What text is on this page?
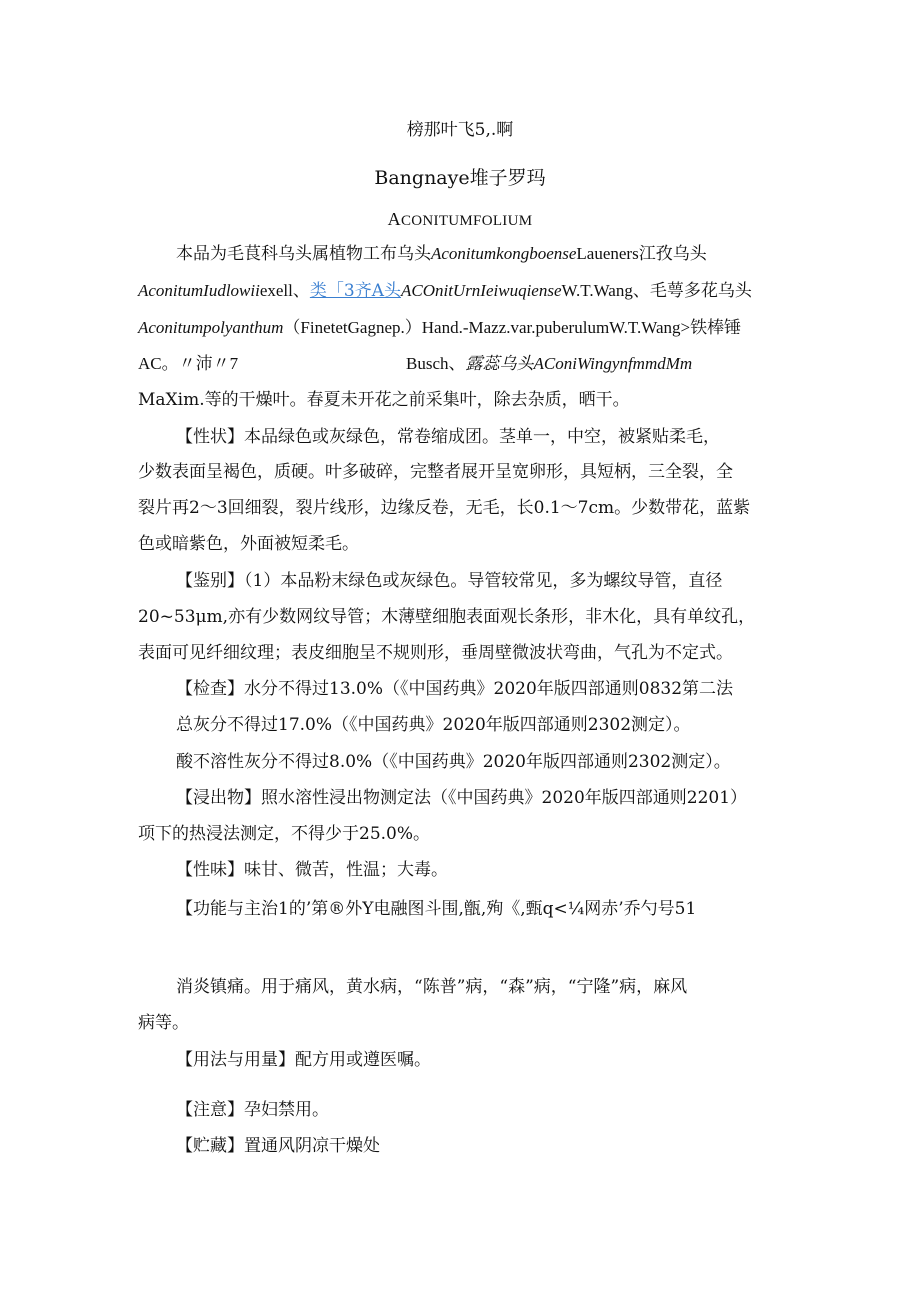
榜那叶飞5,.啊
Bangnaye堆子罗玛
ACONITUMFOLIUM
本品为毛茛科乌头属植物工布乌头AconitumkongboenseLaueners江孜乌头
AconitumIudlowiiexell、类「3齐A头ACOnitUrnIeiwuqienseW.T.Wang、毛萼多花乌头
Aconitumpolyanthum（FinetetGagnep.）Hand.-Mazz.var.puberulumW.T.Wang>铁棒锤
AC。〃沛〃7	Busch、露蕊乌头AConiWingynfmmdMm
MaXim.等的干燥叶。春夏未开花之前采集叶，除去杂质，晒干。
【性状】本品绿色或灰绿色，常卷缩成团。茎单一，中空，被紧贴柔毛，
少数表面呈褐色，质硬。叶多破碎，完整者展开呈宽卵形，具短柄，三全裂，全
裂片再2～3回细裂，裂片线形，边缘反卷，无毛，长0.1～7cm。少数带花，蓝紫
色或暗紫色，外面被短柔毛。
【鉴别】（1）本品粉末绿色或灰绿色。导管较常见，多为螺纹导管，直径
20~53μm,亦有少数网纹导管；木薄壁细胞表面观长条形，非木化，具有单纹孔，
表面可见纤细纹理；表皮细胞呈不规则形，垂周壁微波状弯曲，气孔为不定式。
【检查】水分不得过13.0%（《中国药典》2020年版四部通则0832第二法
总灰分不得过17.0%（《中国药典》2020年版四部通则2302测定）。
酸不溶性灰分不得过8.0%（《中国药典》2020年版四部通则2302测定）。
【浸出物】照水溶性浸出物测定法（《中国药典》2020年版四部通则2201）
项下的热浸法测定，不得少于25.0%。
【性味】味甘、微苦，性温；大毒。
【功能与主治1的’第®外Y电融图斗围,甑,殉《,甄q<¼网赤’乔勺号51
消炎镇痛。用于痛风，黄水病，“陈普”病，“森”病，“宁隆”病，麻风
病等。
【用法与用量】配方用或遵医嘱。
【注意】孕妇禁用。
【贮藏】置通风阴凉干燥处
